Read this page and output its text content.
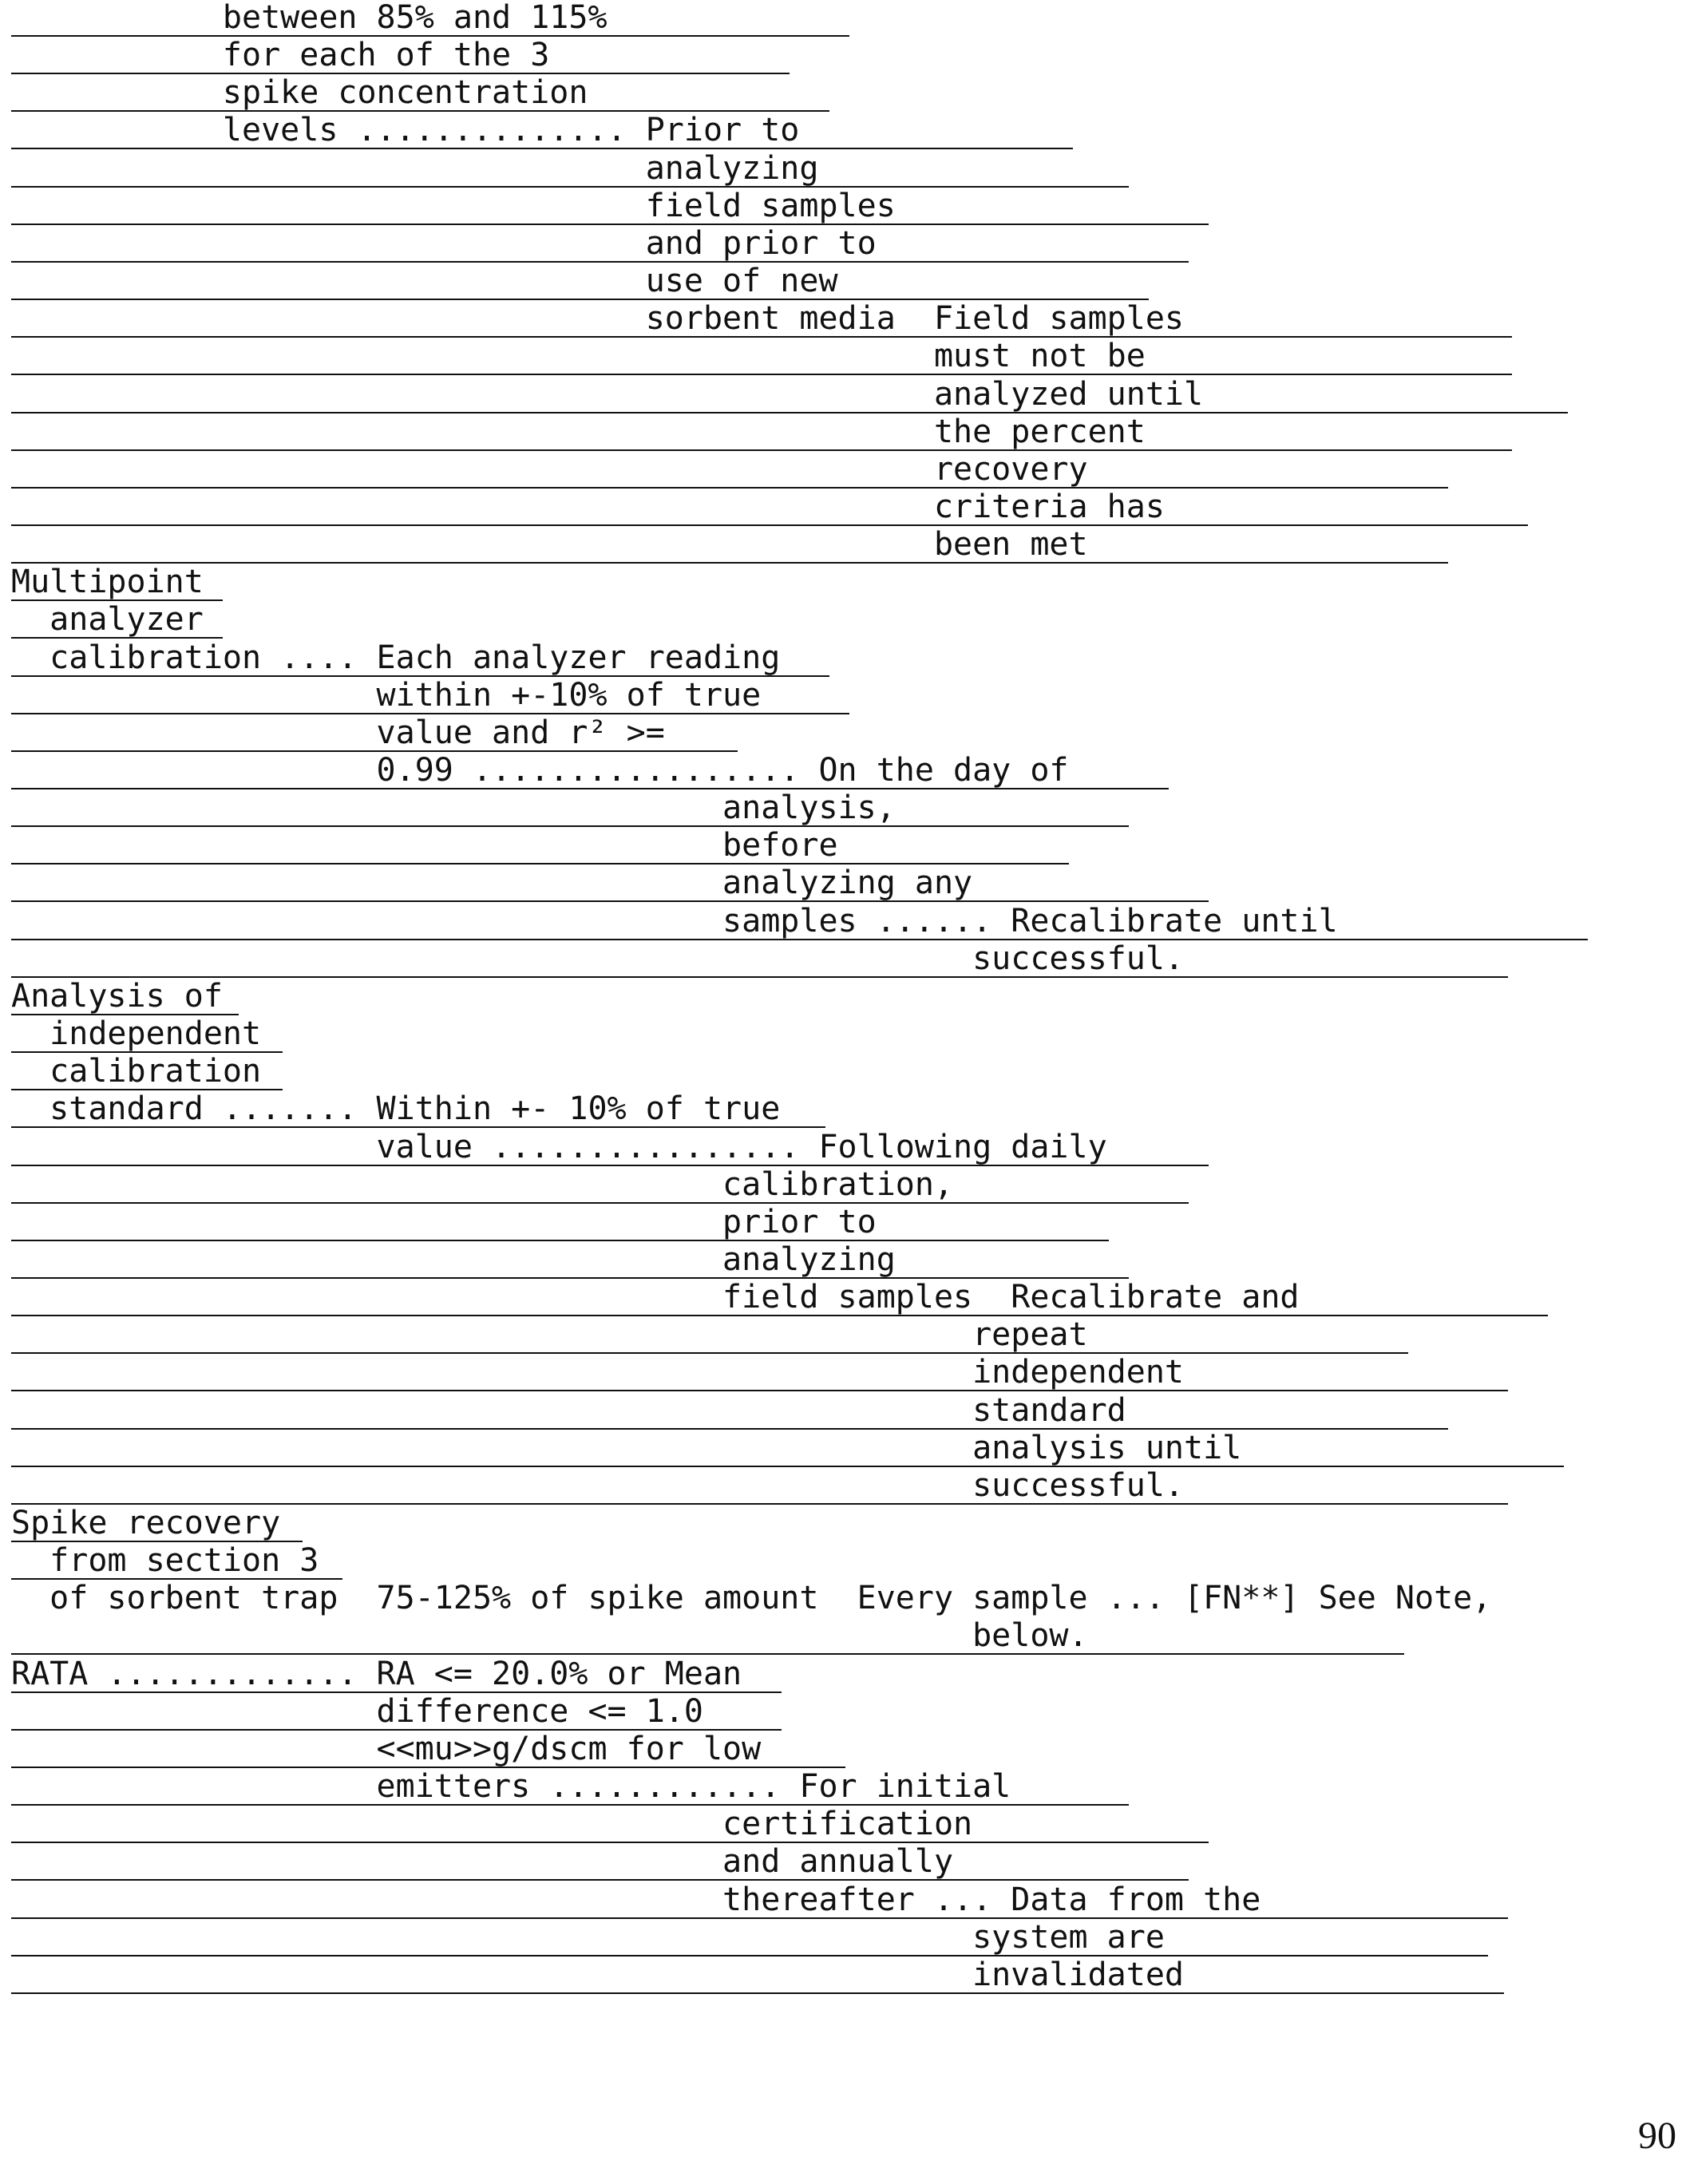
between 85% and 115%
for each of the 3
spike concentration
levels .............. Prior to
analyzing
field samples
and prior to
use of new
sorbent media  Field samples
must not be
analyzed until
the percent
recovery
criteria has
been met
Multipoint
analyzer
calibration .... Each analyzer reading
within +-10% of true
value and r² >=
0.99 ................. On the day of
analysis,
before
analyzing any
samples ...... Recalibrate until
successful.
Analysis of
independent
calibration
standard ....... Within +- 10% of true
value ................ Following daily
calibration,
prior to
analyzing
field samples  Recalibrate and
repeat
independent
standard
analysis until
successful.
Spike recovery
from section 3
of sorbent trap  75-125% of spike amount  Every sample ... [FN**] See Note,
below.
RATA ............. RA <= 20.0% or Mean
difference <= 1.0
<<mu>>g/dscm for low
emitters ............ For initial
certification
and annually
thereafter ... Data from the
system are
invalidated
90
